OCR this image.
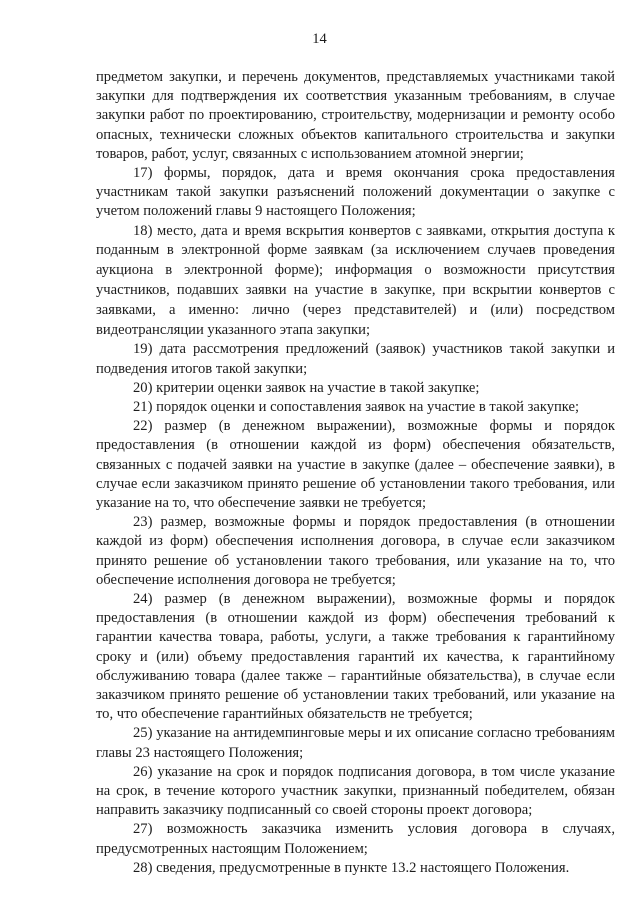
14

предметом закупки, и перечень документов, представляемых участниками такой закупки для подтверждения их соответствия указанным требованиям, в случае закупки работ по проектированию, строительству, модернизации и ремонту особо опасных, технически сложных объектов капитального строительства и закупки товаров, работ, услуг, связанных с использованием атомной энергии;

17) формы, порядок, дата и время окончания срока предоставления участникам такой закупки разъяснений положений документации о закупке с учетом положений главы 9 настоящего Положения;

18) место, дата и время вскрытия конвертов с заявками, открытия доступа к поданным в электронной форме заявкам (за исключением случаев проведения аукциона в электронной форме); информация о возможности присутствия участников, подавших заявки на участие в закупке, при вскрытии конвертов с заявками, а именно: лично (через представителей) и (или) посредством видеотрансляции указанного этапа закупки;

19) дата рассмотрения предложений (заявок) участников такой закупки и подведения итогов такой закупки;

20) критерии оценки заявок на участие в такой закупке;

21) порядок оценки и сопоставления заявок на участие в такой закупке;

22) размер (в денежном выражении), возможные формы и порядок предоставления (в отношении каждой из форм) обеспечения обязательств, связанных с подачей заявки на участие в закупке (далее – обеспечение заявки), в случае если заказчиком принято решение об установлении такого требования, или указание на то, что обеспечение заявки не требуется;

23) размер, возможные формы и порядок предоставления (в отношении каждой из форм) обеспечения исполнения договора, в случае если заказчиком принято решение об установлении такого требования, или указание на то, что обеспечение исполнения договора не требуется;

24) размер (в денежном выражении), возможные формы и порядок предоставления (в отношении каждой из форм) обеспечения требований к гарантии качества товара, работы, услуги, а также требования к гарантийному сроку и (или) объему предоставления гарантий их качества, к гарантийному обслуживанию товара (далее также – гарантийные обязательства), в случае если заказчиком принято решение об установлении таких требований, или указание на то, что обеспечение гарантийных обязательств не требуется;

25) указание на антидемпинговые меры и их описание согласно требованиям главы 23 настоящего Положения;

26) указание на срок и порядок подписания договора, в том числе указание на срок, в течение которого участник закупки, признанный победителем, обязан направить заказчику подписанный со своей стороны проект договора;

27) возможность заказчика изменить условия договора в случаях, предусмотренных настоящим Положением;

28) сведения, предусмотренные в пункте 13.2 настоящего Положения.
